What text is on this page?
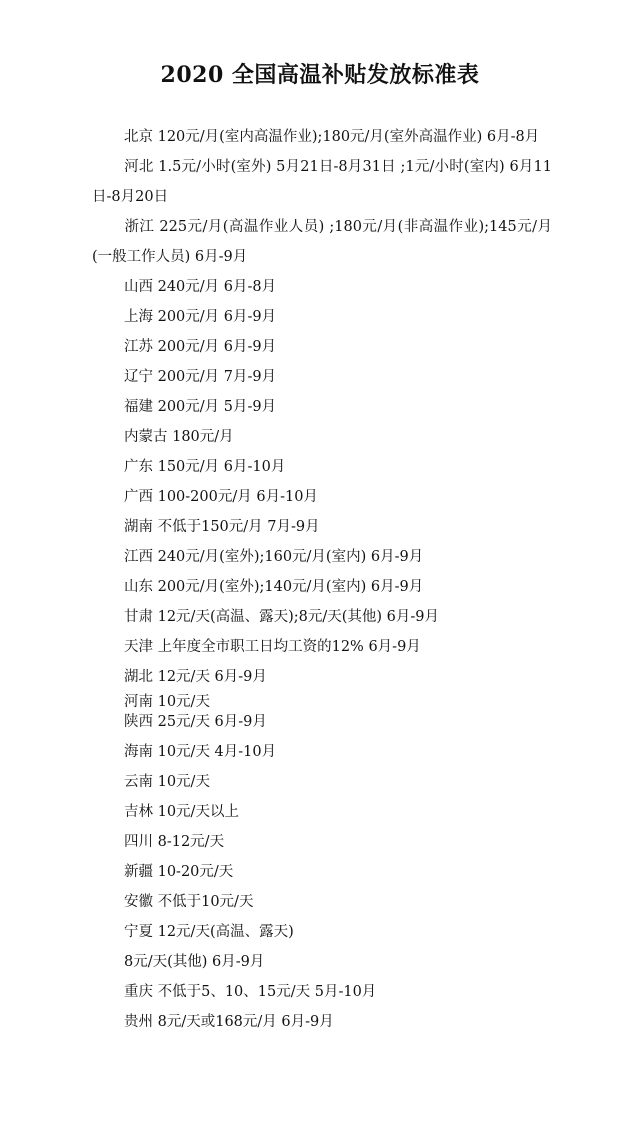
2020 全国高温补贴发放标准表
北京 120元/月(室内高温作业);180元/月(室外高温作业) 6月-8月
河北 1.5元/小时(室外) 5月21日-8月31日 ;1元/小时(室内) 6月11日-8月20日
浙江 225元/月(高温作业人员) ;180元/月(非高温作业);145元/月(一般工作人员) 6月-9月
山西 240元/月 6月-8月
上海 200元/月 6月-9月
江苏 200元/月 6月-9月
辽宁 200元/月 7月-9月
福建 200元/月 5月-9月
内蒙古 180元/月
广东 150元/月 6月-10月
广西 100-200元/月 6月-10月
湖南 不低于150元/月 7月-9月
江西 240元/月(室外);160元/月(室内) 6月-9月
山东 200元/月(室外);140元/月(室内) 6月-9月
甘肃 12元/天(高温、露天);8元/天(其他) 6月-9月
天津 上年度全市职工日均工资的12% 6月-9月
湖北 12元/天 6月-9月
河南 10元/天
陕西 25元/天 6月-9月
海南 10元/天 4月-10月
云南 10元/天
吉林 10元/天以上
四川 8-12元/天
新疆 10-20元/天
安徽 不低于10元/天
宁夏 12元/天(高温、露天)
8元/天(其他) 6月-9月
重庆 不低于5、10、15元/天 5月-10月
贵州 8元/天或168元/月 6月-9月
